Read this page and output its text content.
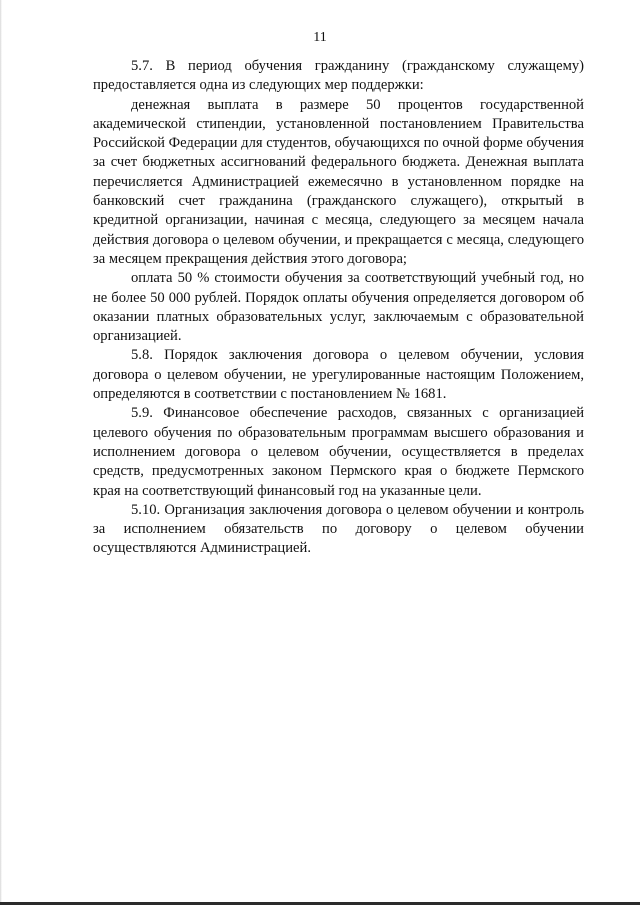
11

5.7. В период обучения гражданину (гражданскому служащему) предоставляется одна из следующих мер поддержки:

денежная выплата в размере 50 процентов государственной академической стипендии, установленной постановлением Правительства Российской Федерации для студентов, обучающихся по очной форме обучения за счет бюджетных ассигнований федерального бюджета. Денежная выплата перечисляется Администрацией ежемесячно в установленном порядке на банковский счет гражданина (гражданского служащего), открытый в кредитной организации, начиная с месяца, следующего за месяцем начала действия договора о целевом обучении, и прекращается с месяца, следующего за месяцем прекращения действия этого договора;

оплата 50 % стоимости обучения за соответствующий учебный год, но не более 50 000 рублей. Порядок оплаты обучения определяется договором об оказании платных образовательных услуг, заключаемым с образовательной организацией.

5.8. Порядок заключения договора о целевом обучении, условия договора о целевом обучении, не урегулированные настоящим Положением, определяются в соответствии с постановлением № 1681.

5.9. Финансовое обеспечение расходов, связанных с организацией целевого обучения по образовательным программам высшего образования и исполнением договора о целевом обучении, осуществляется в пределах средств, предусмотренных законом Пермского края о бюджете Пермского края на соответствующий финансовый год на указанные цели.

5.10. Организация заключения договора о целевом обучении и контроль за исполнением обязательств по договору о целевом обучении осуществляются Администрацией.
